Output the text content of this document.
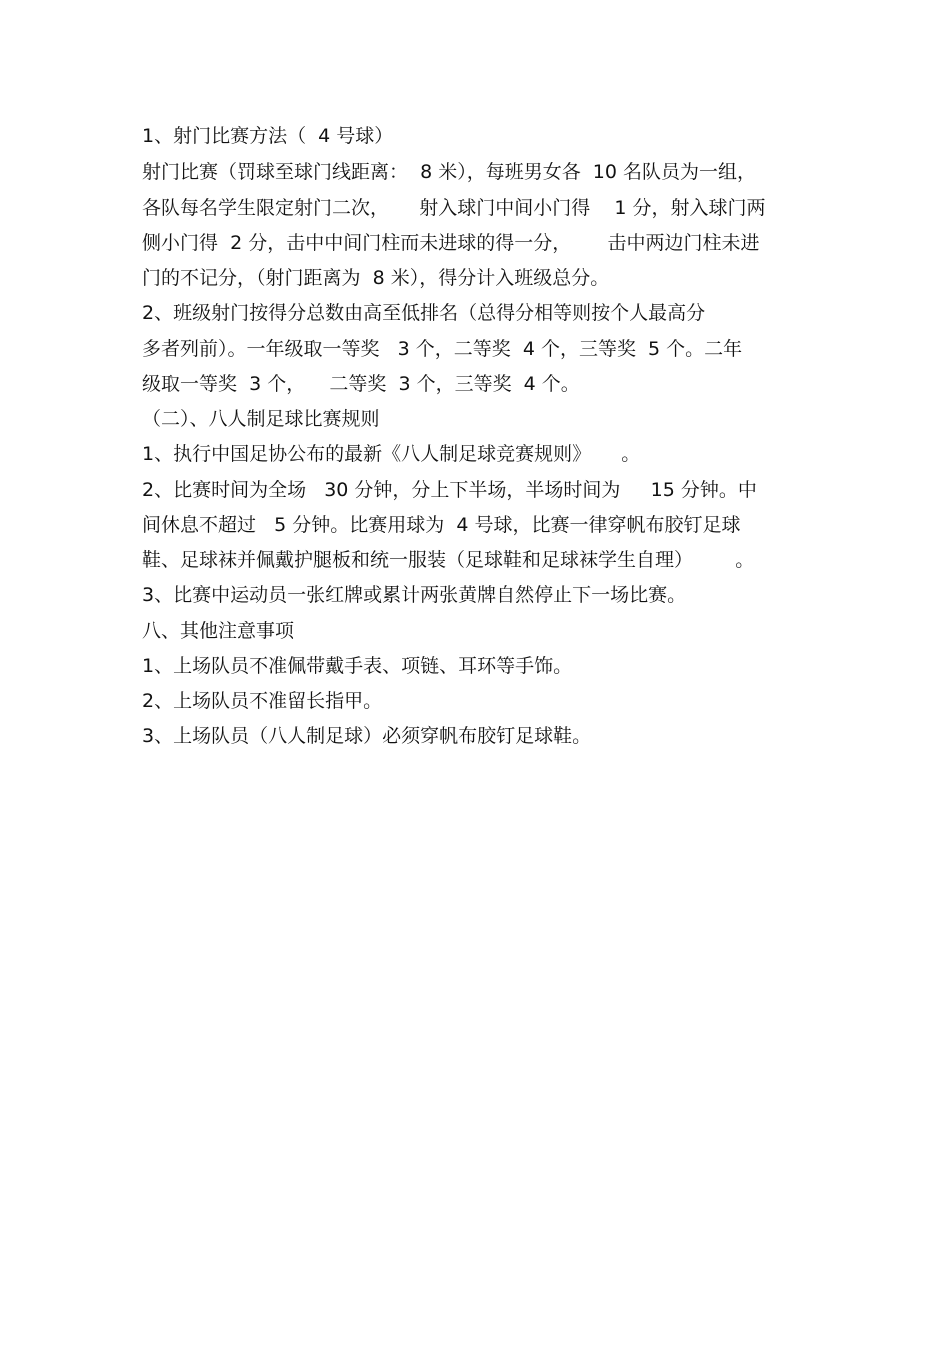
1、射门比赛方法（  4 号球）
射门比赛（罚球至球门线距离：  8 米），每班男女各  10 名队员为一组，
各队每名学生限定射门二次，     射入球门中间小门得    1 分，射入球门两
侧小门得  2 分，击中中间门柱而未进球的得一分，      击中两边门柱未进
门的不记分，（射门距离为  8 米），得分计入班级总分。
2、班级射门按得分总数由高至低排名（总得分相等则按个人最高分
多者列前）。一年级取一等奖   3 个，二等奖  4 个，三等奖  5 个。二年
级取一等奖  3 个，    二等奖  3 个，三等奖  4 个。
（二）、八人制足球比赛规则
1、执行中国足协公布的最新《八人制足球竞赛规则》     。
2、比赛时间为全场   30 分钟，分上下半场，半场时间为     15 分钟。中
间休息不超过   5 分钟。比赛用球为  4 号球，比赛一律穿帆布胶钉足球
鞋、足球袜并佩戴护腿板和统一服装（足球鞋和足球袜学生自理）       。
3、比赛中运动员一张红牌或累计两张黄牌自然停止下一场比赛。
八、其他注意事项
1、上场队员不准佩带戴手表、项链、耳环等手饰。
2、上场队员不准留长指甲。
3、上场队员（八人制足球）必须穿帆布胶钉足球鞋。
